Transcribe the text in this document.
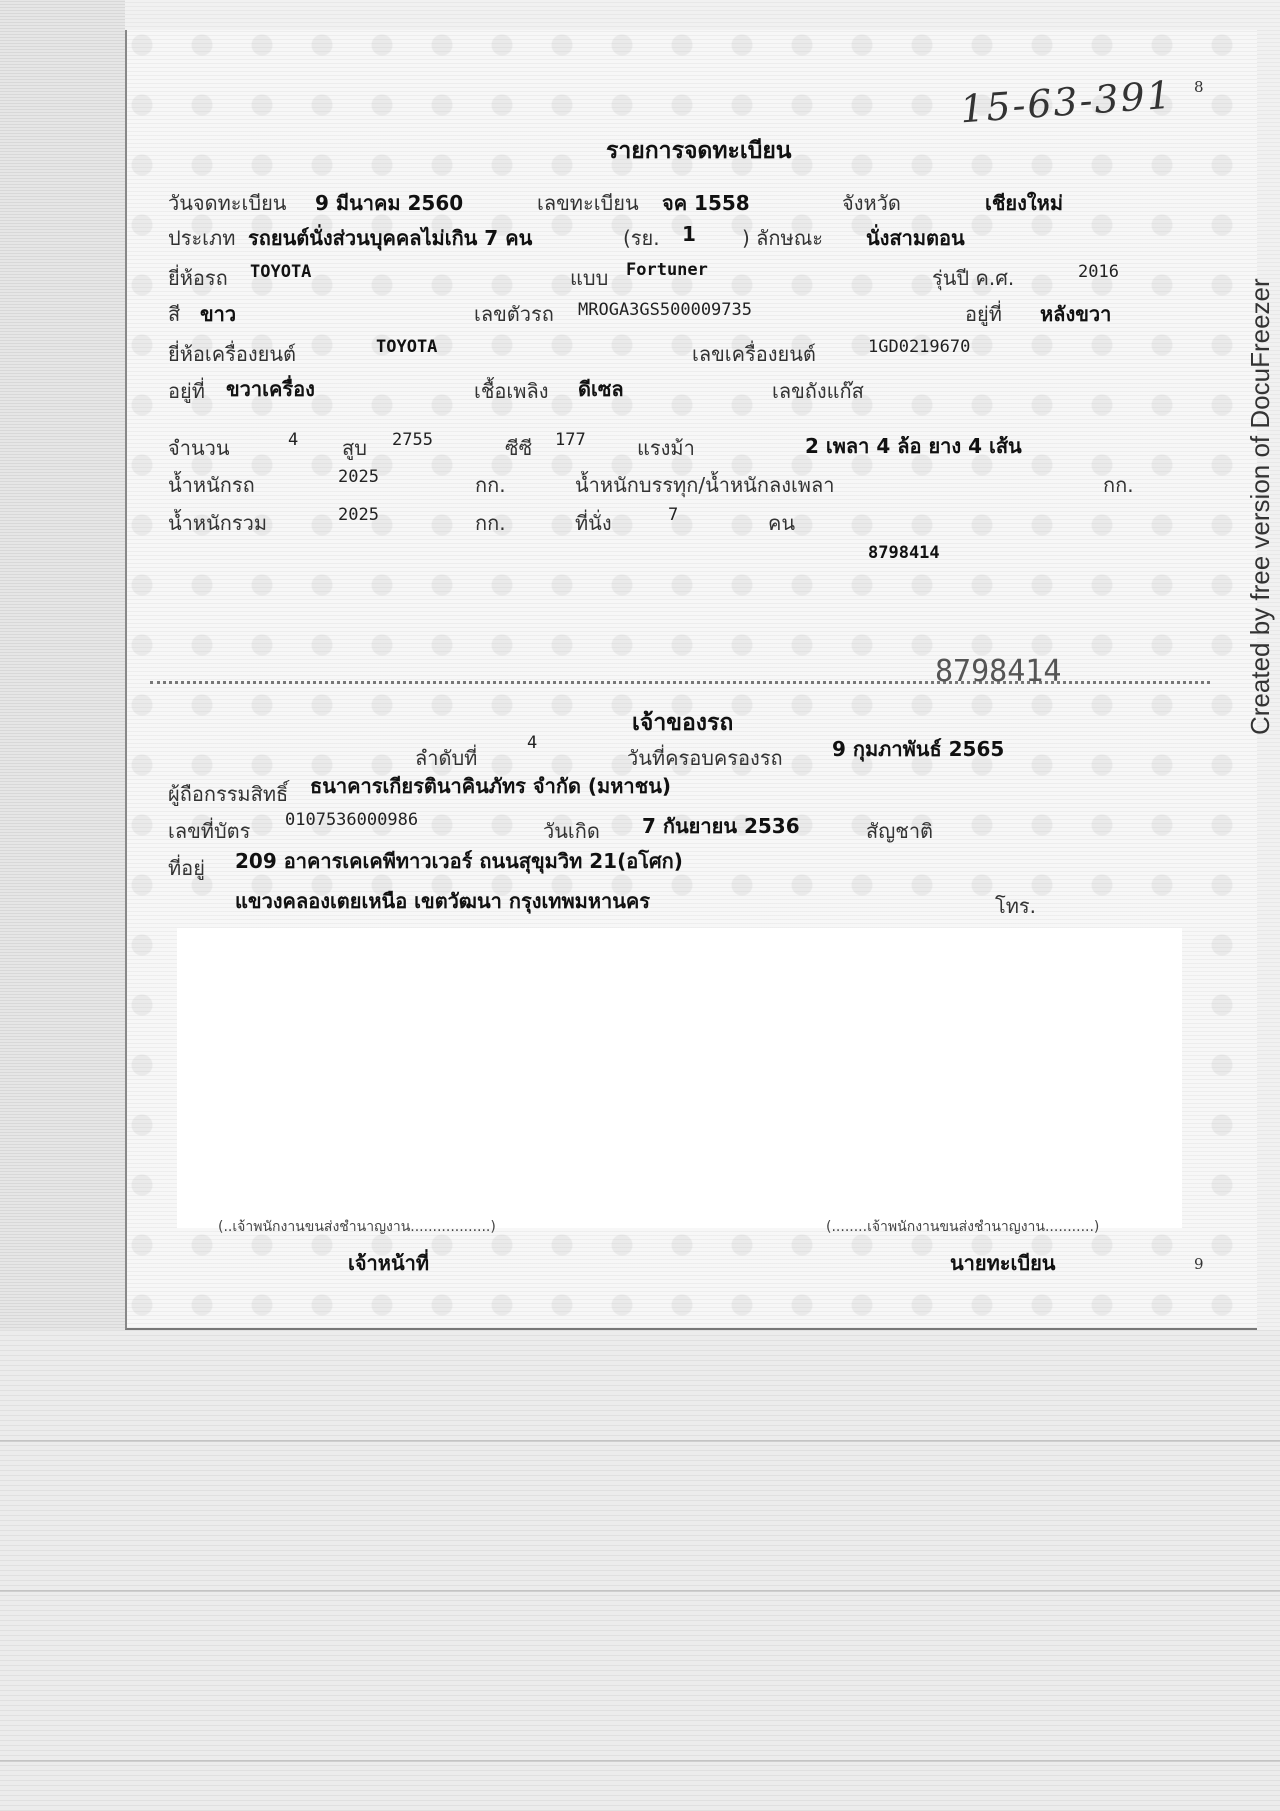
15-63-391 8
9
Created by free version of DocuFreezer
รายการจดทะเบียน
วันจดทะเบียน 9 มีนาคม 2560	เลขทะเบียน จค 1558	จังหวัด	เชียงใหม่
ประเภท รถยนต์นั่งส่วนบุคคลไม่เกิน 7 คน	(รย. 1 ) ลักษณะ นั่งสามตอน
ยี่ห้อรถ TOYOTA	แบบ Fortuner	รุ่นปี ค.ศ.	2016
สี ขาว	เลขตัวรถ MROGA3GS500009735	อยู่ที่ หลังขวา
ยี่ห้อเครื่องยนต์	TOYOTA	เลขเครื่องยนต์	1GD0219670
อยู่ที่ ขวาเครื่อง	เชื้อเพลิง ดีเซล	เลขถังแก๊ส
จำนวน	4 สูบ 2755	ซีซี 177	แรงม้า	2 เพลา 4 ล้อ ยาง 4 เส้น
น้ำหนักรถ	2025	กก.	น้ำหนักบรรทุก/น้ำหนักลงเพลา	กก.
น้ำหนักรวม	2025	กก.	ที่นั่ง	7	คน
8798414
8798414
เจ้าของรถ
ลำดับที่
4
วันที่ครอบครองรถ 9 กุมภาพันธ์ 2565
ผู้ถือกรรมสิทธิ์ ธนาคารเกียรตินาคินภัทร จำกัด (มหาชน)
เลขที่บัตร 0107536000986	วันเกิด 7 กันยายน 2536	สัญชาติ
ที่อยู่ 209 อาคารเคเคพีทาวเวอร์ ถนนสุขุมวิท 21(อโศก)
แขวงคลองเตยเหนือ เขตวัฒนา กรุงเทพมหานคร	โทร.
(..เจ้าพนักงานขนส่งชำนาญงาน..................)
เจ้าหน้าที่
(........เจ้าพนักงานขนส่งชำนาญงาน...........)
นายทะเบียน
